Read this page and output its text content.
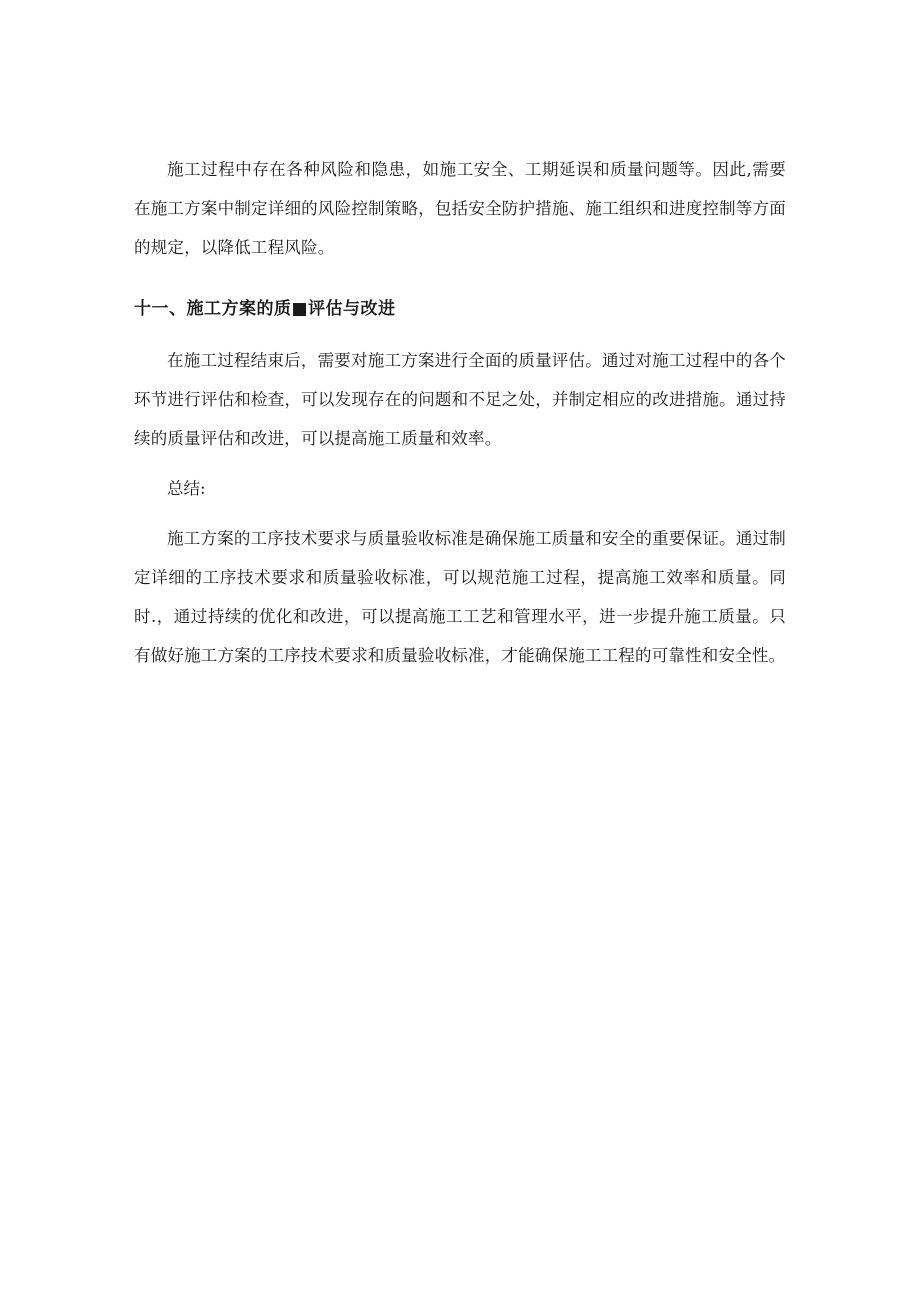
施工过程中存在各种风险和隐患，如施工安全、工期延误和质量问题等。因此,需要在施工方案中制定详细的风险控制策略，包括安全防护措施、施工组织和进度控制等方面的规定，以降低工程风险。

十一、施工方案的质■评估与改进

在施工过程结束后，需要对施工方案进行全面的质量评估。通过对施工过程中的各个环节进行评估和检查，可以发现存在的问题和不足之处，并制定相应的改进措施。通过持续的质量评估和改进，可以提高施工质量和效率。

总结:

施工方案的工序技术要求与质量验收标准是确保施工质量和安全的重要保证。通过制定详细的工序技术要求和质量验收标准，可以规范施工过程，提高施工效率和质量。同时.，通过持续的优化和改进，可以提高施工工艺和管理水平，进一步提升施工质量。只有做好施工方案的工序技术要求和质量验收标准，才能确保施工工程的可靠性和安全性。
